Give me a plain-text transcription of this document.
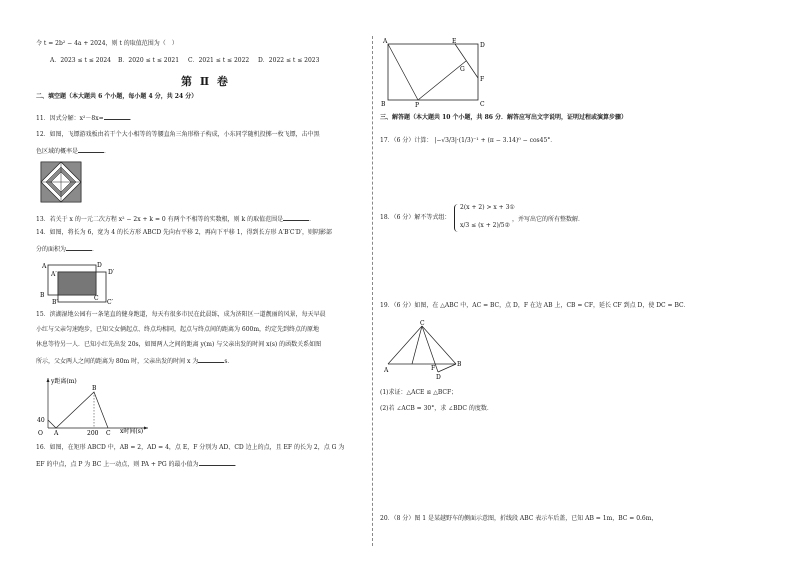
令 t = 2b² − 4a + 2024，则 t 的取值范围为（　）
A．2023 ≤ t ≤ 2024 B．2020 ≤ t ≤ 2021 C．2021 ≤ t ≤ 2022 D．2022 ≤ t ≤ 2023
第 Ⅱ 卷
二、填空题（本大题共 6 个小题，每小题 4 分，共 24 分）
11．因式分解：x²－8x=	．
12．如图，飞镖游戏板由若干个大小相等的等腰直角三角形格子构成，小东同学随机投掷一枚飞镖，击中黑
色区域的概率是	．
13．若关于 x 的一元二次方程 x² − 2x + k = 0 有两个不相等的实数根，则 k 的取值范围是	．
14．如图，将长为 6，宽为 4 的长方形 ABCD 先向右平移 2，再向下平移 1，得到长方形 A′B′C′D′，则阴影部
分的面积为	．
A	D
A′	D′
B	C
B′	C′
15．滨湖湿地公园有一条笔直的健身跑道，每天有很多市民在此晨练，成为济阳区一道靓丽的风景，每天早晨
小红与父亲匀速跑步，已知父女俩起点、终点均相同，起点与终点间的距离为 600m，约定先到终点的原地
休息等待另一人．已知小红先出发 20s，如图两人之间的距离 y(m) 与父亲出发的时间 x(s) 的函数关系如图
所示，父女两人之间的距离为 80m 时，父亲出发的时间 x 为	s．
y距离(m)
x时间(s)
40
O A
B
200 C
16．如图，在矩形 ABCD 中，AB = 2，AD = 4，点 E，F 分别为 AD、CD 边上的点，且 EF 的长为 2，点 G 为
EF 的中点，点 P 为 BC 上一动点，则 PA + PG 的最小值为	．
A	E
D
G
F
B	P	C
三、解答题（本大题共 10 个小题，共 86 分．解答应写出文字说明，证明过程或演算步骤）
17．（6 分）计算： |−√3/3|·(1/3)⁻¹ + (π − 3.14)⁰ − cos45°．
18．（6 分）解不等式组：
2(x + 2) > x + 3①
x/3 ≤ (x + 2)/5②
，并写出它的所有整数解．
19．（6 分）如图，在 △ABC 中，AC = BC，点 D，F 在边 AB 上，CB = CF，延长 CF 到点 D，使 DC = BC．
C
A
B
F
D
(1)求证：△ACE ≌ △BCF；
(2)若 ∠ACB = 30°，求 ∠BDC 的度数．
20．（8 分）图 1 是某越野车的侧面示意图，折线段 ABC 表示车后盖，已知 AB = 1m，BC = 0.6m，
